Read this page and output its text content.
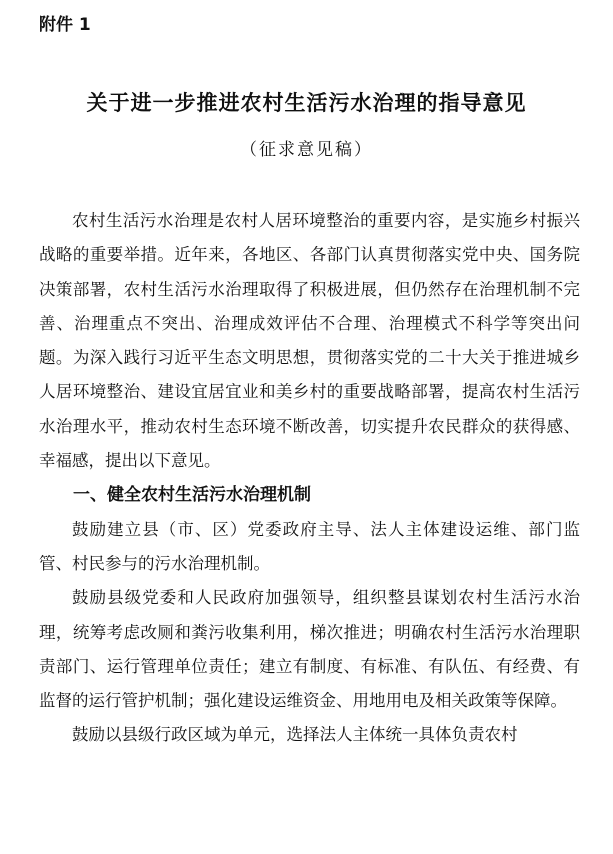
附件 1
关于进一步推进农村生活污水治理的指导意见
（征求意见稿）

农村生活污水治理是农村人居环境整治的重要内容，是实施乡村振兴战略的重要举措。近年来，各地区、各部门认真贯彻落实党中央、国务院决策部署，农村生活污水治理取得了积极进展，但仍然存在治理机制不完善、治理重点不突出、治理成效评估不合理、治理模式不科学等突出问题。为深入践行习近平生态文明思想，贯彻落实党的二十大关于推进城乡人居环境整治、建设宜居宜业和美乡村的重要战略部署，提高农村生活污水治理水平，推动农村生态环境不断改善，切实提升农民群众的获得感、幸福感，提出以下意见。

一、健全农村生活污水治理机制

鼓励建立县（市、区）党委政府主导、法人主体建设运维、部门监管、村民参与的污水治理机制。

鼓励县级党委和人民政府加强领导，组织整县谋划农村生活污水治理，统筹考虑改厕和粪污收集利用，梯次推进；明确农村生活污水治理职责部门、运行管理单位责任；建立有制度、有标准、有队伍、有经费、有监督的运行管护机制；强化建设运维资金、用地用电及相关政策等保障。

鼓励以县级行政区域为单元，选择法人主体统一具体负责农村
